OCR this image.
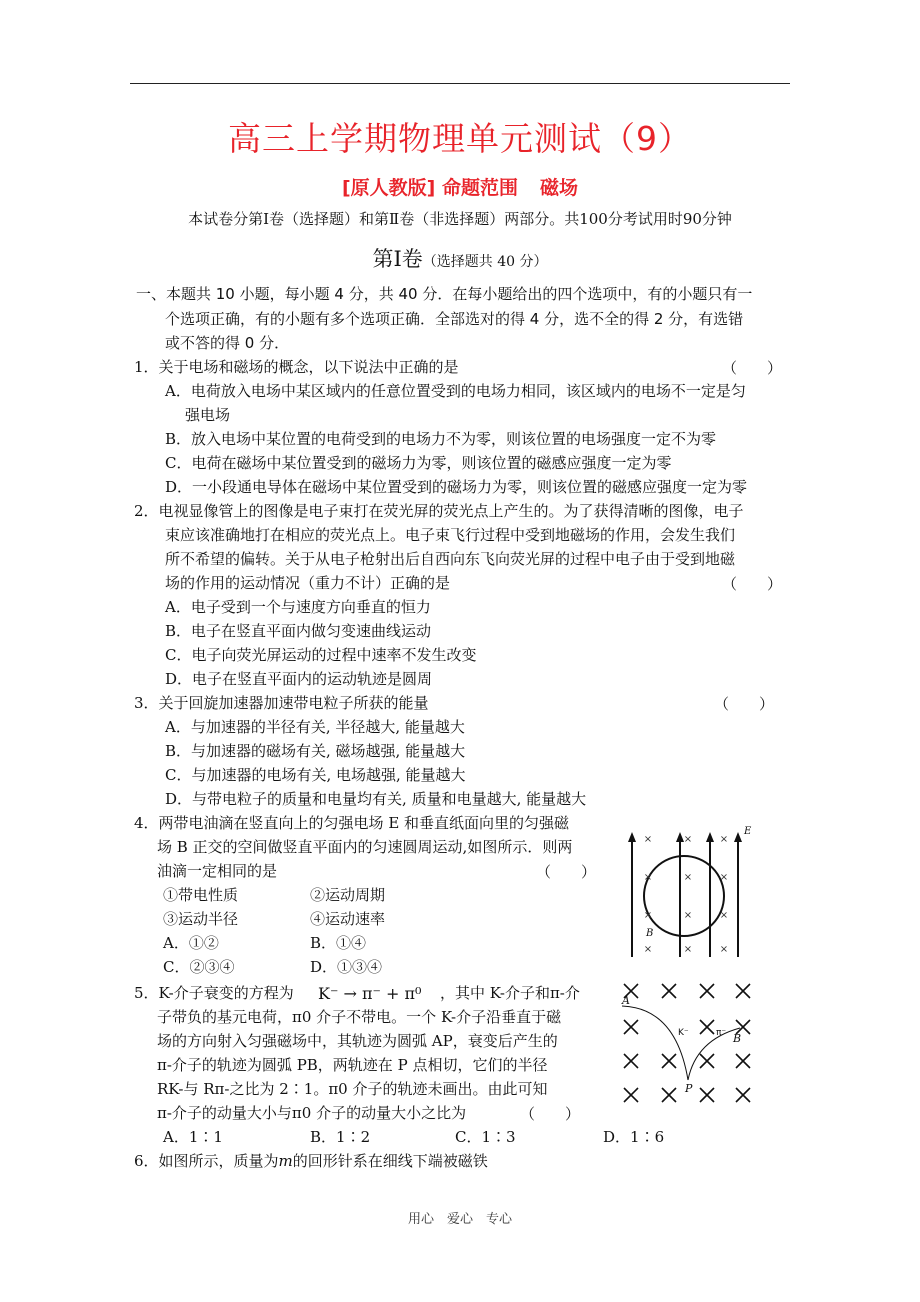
高三上学期物理单元测试（9）
[原人教版] 命题范围 磁场
本试卷分第Ⅰ卷（选择题）和第Ⅱ卷（非选择题）两部分。共100分考试用时90分钟
第Ⅰ卷（选择题共 40 分）
一、本题共 10 小题，每小题 4 分，共 40 分．在每小题给出的四个选项中，有的小题只有一
个选项正确，有的小题有多个选项正确．全部选对的得 4 分，选不全的得 2 分，有选错
或不答的得 0 分．
1．关于电场和磁场的概念，以下说法中正确的是	（　　）
A．电荷放入电场中某区域内的任意位置受到的电场力相同，该区域内的电场不一定是匀
强电场
B．放入电场中某位置的电荷受到的电场力不为零，则该位置的电场强度一定不为零
C．电荷在磁场中某位置受到的磁场力为零，则该位置的磁感应强度一定为零
D．一小段通电导体在磁场中某位置受到的磁场力为零，则该位置的磁感应强度一定为零
2．电视显像管上的图像是电子束打在荧光屏的荧光点上产生的。为了获得清晰的图像，电子
束应该准确地打在相应的荧光点上。电子束飞行过程中受到地磁场的作用，会发生我们
所不希望的偏转。关于从电子枪射出后自西向东飞向荧光屏的过程中电子由于受到地磁
场的作用的运动情况（重力不计）正确的是	（　　）
A．电子受到一个与速度方向垂直的恒力
B．电子在竖直平面内做匀变速曲线运动
C．电子向荧光屏运动的过程中速率不发生改变
D．电子在竖直平面内的运动轨迹是圆周
3．关于回旋加速器加速带电粒子所获的能量	（　　）
A．与加速器的半径有关, 半径越大, 能量越大
B．与加速器的磁场有关, 磁场越强, 能量越大
C．与加速器的电场有关, 电场越强, 能量越大
D．与带电粒子的质量和电量均有关, 质量和电量越大, 能量越大
4．两带电油滴在竖直向上的匀强电场 E 和垂直纸面向里的匀强磁
场 B 正交的空间做竖直平面内的匀速圆周运动,如图所示．则两
油滴一定相同的是	（　　）
①带电性质	②运动周期
③运动半径	④运动速率
A．①②	B．①④
C．②③④	D．①③④
×	×	×
×	×	×
×	×	×
×	×	×
E
B
5．K-介子衰变的方程为 K⁻ → π⁻ + π⁰ ，其中 K-介子和π-介
子带负的基元电荷，π0 介子不带电。一个 K-介子沿垂直于磁
场的方向射入匀强磁场中，其轨迹为圆弧 AP，衰变后产生的
π-介子的轨迹为圆弧 PB，两轨迹在 P 点相切，它们的半径
RK-与 Rπ-之比为 2∶1。π0 介子的轨迹未画出。由此可知
π-介子的动量大小与π0 介子的动量大小之比为	（　　）
A．1∶1	B．1∶2	C．1∶3	D．1∶6
A
B
P
K⁻	π⁻
6．如图所示，质量为m的回形针系在细线下端被磁铁
用心　爱心　专心
